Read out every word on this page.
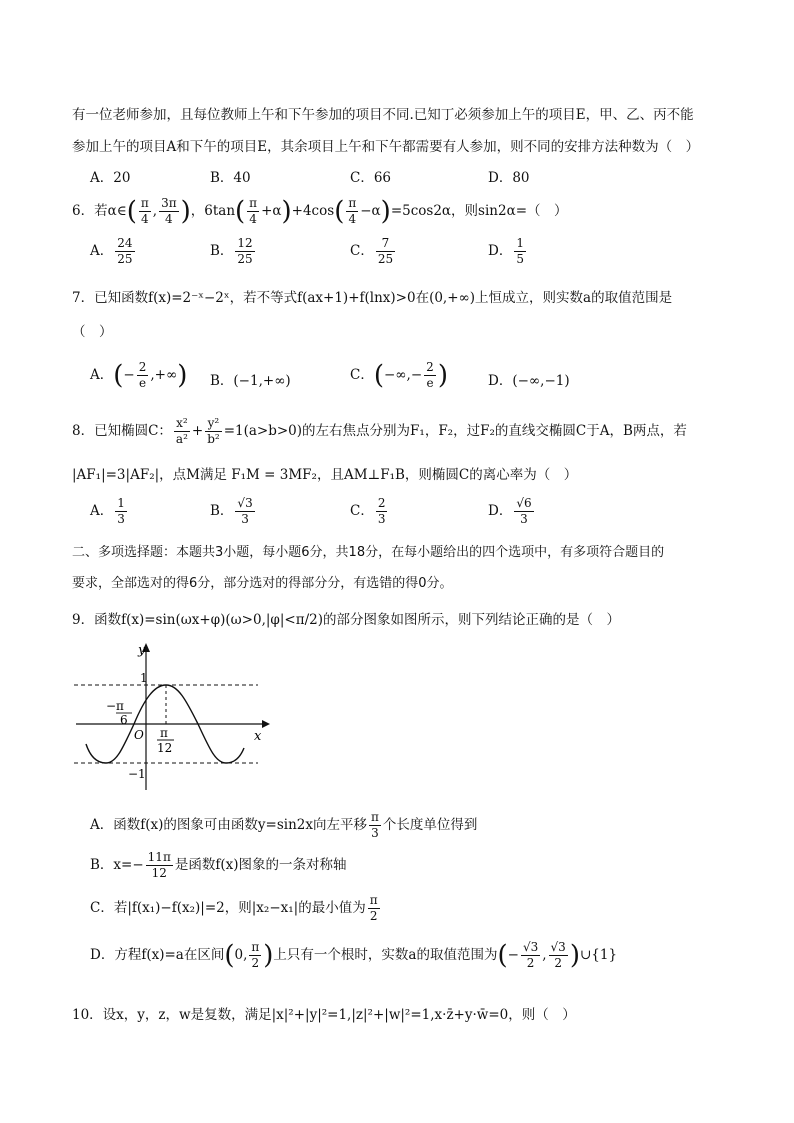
有一位老师参加，且每位教师上午和下午参加的项目不同.已知丁必须参加上午的项目E，甲、乙、丙不能
参加上午的项目A和下午的项目E，其余项目上午和下午都需要有人参加，则不同的安排方法种数为（　）
A．20	B．40	C．66	D．80
6．若α∈( $\frac{\pi}{4}$ , $\frac{3\pi}{4}$ )，$6\tan( \frac{\pi}{4} +\alpha)+4\cos( \frac{\pi}{4} -\alpha)=5\cos 2\alpha$，则sin2α=（　）
A． $\frac{24}{25}$	B． $\frac{12}{25}$	C． $\frac{7}{25}$	D． $\frac{1}{5}$
7．已知函数f(x)=2⁻ˣ−2ˣ，若不等式f(ax+1)+f(lnx)>0在(0,+∞)上恒成立，则实数a的取值范围是
（　）
A．(− $\frac{2}{e}$ ,+∞) B．(−1,+∞)	C．(−∞,− $\frac{2}{e}$ )	D．(−∞,−1)
8．已知椭圆C： $\frac{\text{x²}}{\text{a²}} + \frac{\text{y²}}{\text{b²}} =1(a>b>0)$的左右焦点分别为F₁，F₂，过F₂的直线交椭圆C于A，B两点，若
|AF₁|=3|AF₂|，点M满足 F₁M = 3MF₂，且AM⊥F₁B，则椭圆C的离心率为（　）
A． $\frac{1}{3}$	B． $\frac{√3}{3}$	C． $\frac{2}{3}$	D． $\frac{√6}{3}$
二、多项选择题：本题共3小题，每小题6分，共18分，在每小题给出的四个选项中，有多项符合题目的
要求，全部选对的得6分，部分选对的得部分分，有选错的得0分。
9．函数f(x)=sin(ωx+φ)(ω>0,|φ|<π/2)的部分图象如图所示，则下列结论正确的是（　）
y
x
O
1
−1
−π
6
π
12
A．函数f(x)的图象可由函数y=sin2x向左平移 $\frac{\pi}{3}$ 个长度单位得到
B．$x=- \frac{11\pi}{12}$ 是函数f(x)图象的一条对称轴
C．若|f(x₁)−f(x₂)|=2，则|x₂−x₁|的最小值为 $\frac{\pi}{2}$
D．方程f(x)=a在区间(0, $\frac{\pi}{2}$ )上只有一个根时，实数a的取值范围为(− $\frac{√3}{2}$ , $\frac{√3}{2}$ )∪{1}
10．设x，y，z，w是复数，满足|x|²+|y|²=1,|z|²+|w|²=1,x·z̄+y·w̄=0，则（　）
